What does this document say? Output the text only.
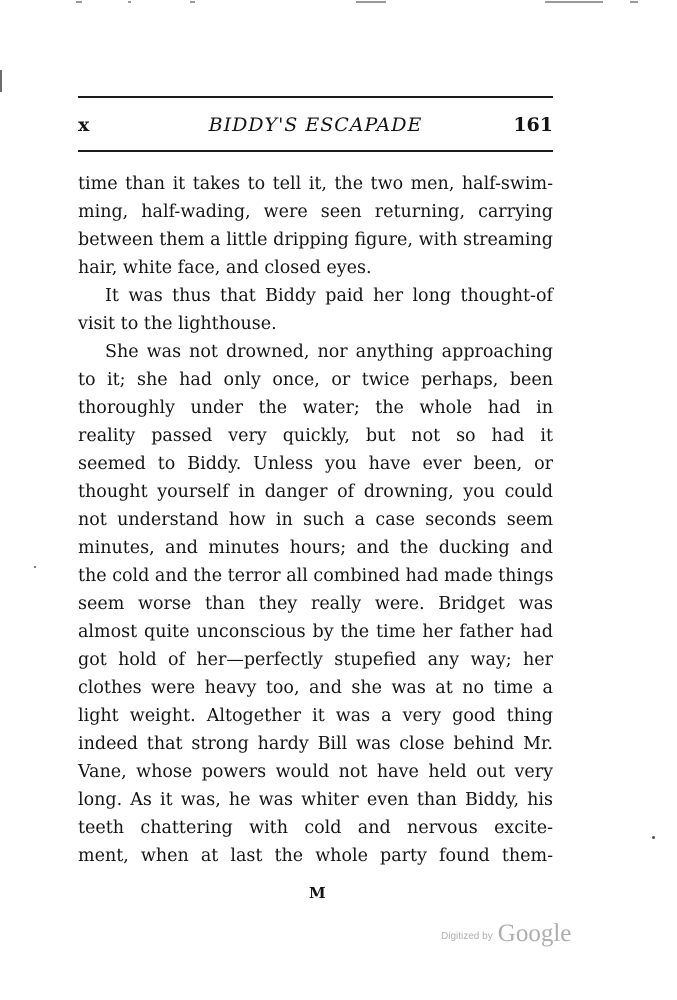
x	BIDDY'S ESCAPADE	161
time than it takes to tell it, the two men, half-swim-
ming, half-wading, were seen returning, carrying
between them a little dripping figure, with streaming
hair, white face, and closed eyes.
It was thus that Biddy paid her long thought-of
visit to the lighthouse.
She was not drowned, nor anything approaching
to it; she had only once, or twice perhaps, been
thoroughly under the water; the whole had in
reality passed very quickly, but not so had it
seemed to Biddy. Unless you have ever been, or
thought yourself in danger of drowning, you could
not understand how in such a case seconds seem
minutes, and minutes hours; and the ducking and
the cold and the terror all combined had made things
seem worse than they really were. Bridget was
almost quite unconscious by the time her father had
got hold of her—perfectly stupefied any way; her
clothes were heavy too, and she was at no time a
light weight. Altogether it was a very good thing
indeed that strong hardy Bill was close behind Mr.
Vane, whose powers would not have held out very
long. As it was, he was whiter even than Biddy, his
teeth chattering with cold and nervous excite-
ment, when at last the whole party found them-
M
Digitized by Google
